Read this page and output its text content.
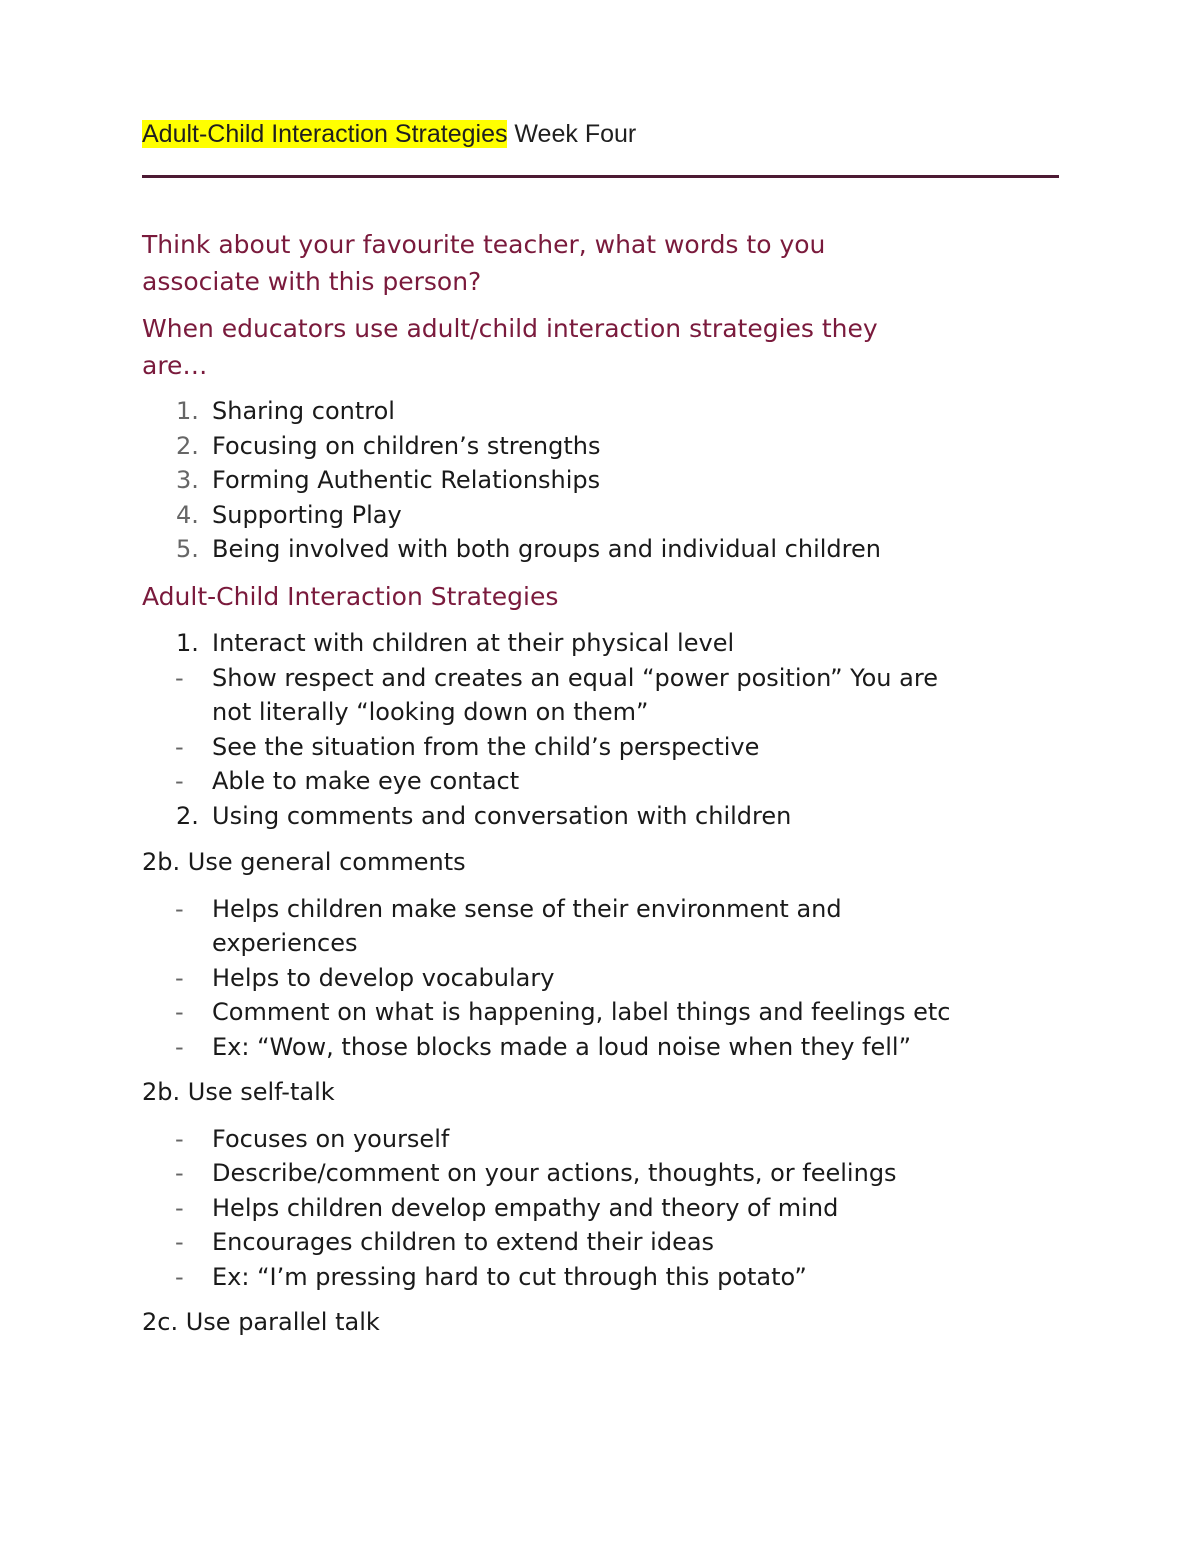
Adult-Child Interaction Strategies Week Four

Think about your favourite teacher, what words to you
associate with this person?

When educators use adult/child interaction strategies they
are…

1. Sharing control
2. Focusing on children’s strengths
3. Forming Authentic Relationships
4. Supporting Play
5. Being involved with both groups and individual children

Adult-Child Interaction Strategies

1. Interact with children at their physical level
-	Show respect and creates an equal “power position” You are
not literally “looking down on them”
-	See the situation from the child’s perspective
-	Able to make eye contact
2. Using comments and conversation with children
2b. Use general comments
-	Helps children make sense of their environment and
experiences
-	Helps to develop vocabulary
-	Comment on what is happening, label things and feelings etc
-	Ex: “Wow, those blocks made a loud noise when they fell”
2b. Use self-talk
-	Focuses on yourself
-	Describe/comment on your actions, thoughts, or feelings
-	Helps children develop empathy and theory of mind
-	Encourages children to extend their ideas
-	Ex: “I’m pressing hard to cut through this potato”
2c. Use parallel talk
